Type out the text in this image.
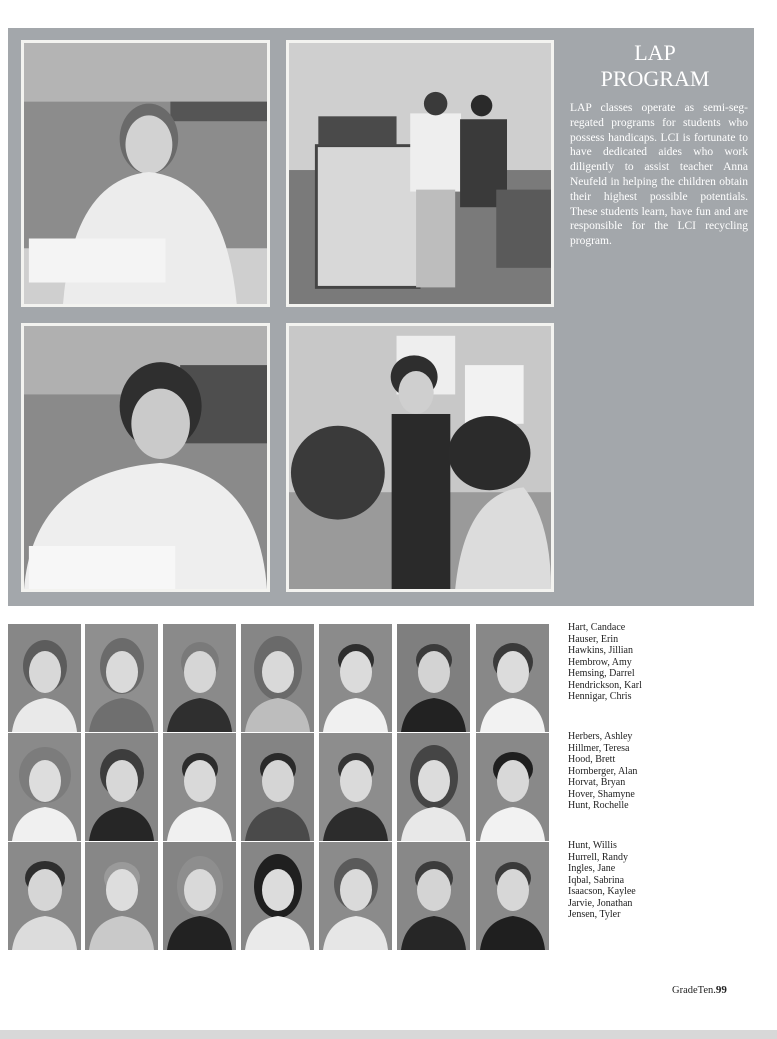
LAP
PROGRAM
LAP classes operate as semi-seg-regated programs for students who possess handicaps. LCI is fortunate to have dedicated aides who work diligently to assist teacher Anna Neufeld in helping the children obtain their highest possible potentials. These students learn, have fun and are responsible for the LCI recycling program.
Hart, Candace
Hauser, Erin
Hawkins, Jillian
Hembrow, Amy
Hemsing, Darrel
Hendrickson, Karl
Hennigar, Chris
Herbers, Ashley
Hillmer, Teresa
Hood, Brett
Hornberger, Alan
Horvat, Bryan
Hover, Shamyne
Hunt, Rochelle
Hunt, Willis
Hurrell, Randy
Ingles, Jane
Iqbal, Sabrina
Isaacson, Kaylee
Jarvie, Jonathan
Jensen, Tyler
GradeTen.99
